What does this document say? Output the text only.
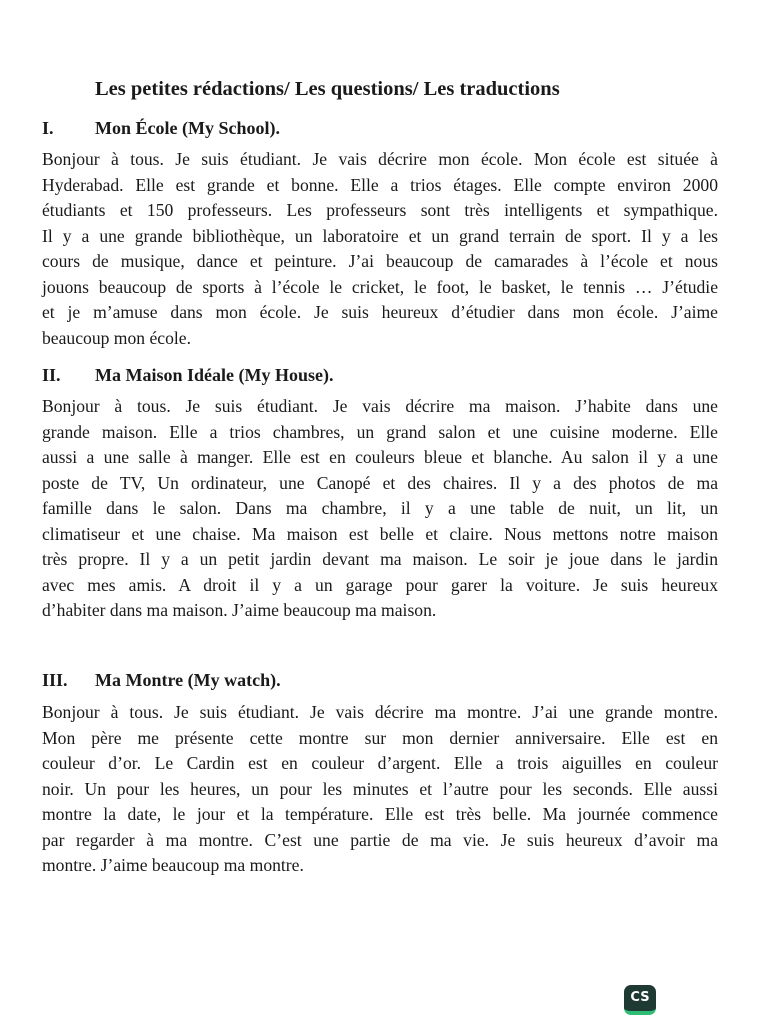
Les petites rédactions/ Les questions/ Les traductions
I. Mon École (My School).
Bonjour à tous. Je suis étudiant. Je vais décrire mon école. Mon école est située à
Hyderabad. Elle est grande et bonne. Elle a trios étages. Elle compte environ 2000
étudiants et 150 professeurs. Les professeurs sont très intelligents et sympathique.
Il y a une grande bibliothèque, un laboratoire et un grand terrain de sport. Il y a les
cours de musique, dance et peinture. J’ai beaucoup de camarades à l’école et nous
jouons beaucoup de sports à l’école le cricket, le foot, le basket, le tennis … J’étudie
et je m’amuse dans mon école. Je suis heureux d’étudier dans mon école. J’aime
beaucoup mon école.
II. Ma Maison Idéale (My House).
Bonjour à tous. Je suis étudiant. Je vais décrire ma maison. J’habite dans une
grande maison. Elle a trios chambres, un grand salon et une cuisine moderne. Elle
aussi a une salle à manger. Elle est en couleurs bleue et blanche. Au salon il y a une
poste de TV, Un ordinateur, une Canopé et des chaires. Il y a des photos de ma
famille dans le salon. Dans ma chambre, il y a une table de nuit, un lit, un
climatiseur et une chaise. Ma maison est belle et claire. Nous mettons notre maison
très propre. Il y a un petit jardin devant ma maison. Le soir je joue dans le jardin
avec mes amis. A droit il y a un garage pour garer la voiture. Je suis heureux
d’habiter dans ma maison. J’aime beaucoup ma maison.
III. Ma Montre (My watch).
Bonjour à tous. Je suis étudiant. Je vais décrire ma montre. J’ai une grande montre.
Mon père me présente cette montre sur mon dernier anniversaire. Elle est en
couleur d’or. Le Cardin est en couleur d’argent. Elle a trois aiguilles en couleur
noir. Un pour les heures, un pour les minutes et l’autre pour les seconds. Elle aussi
montre la date, le jour et la température. Elle est très belle. Ma journée commence
par regarder à ma montre. C’est une partie de ma vie. Je suis heureux d’avoir ma
montre. J’aime beaucoup ma montre.
CS
